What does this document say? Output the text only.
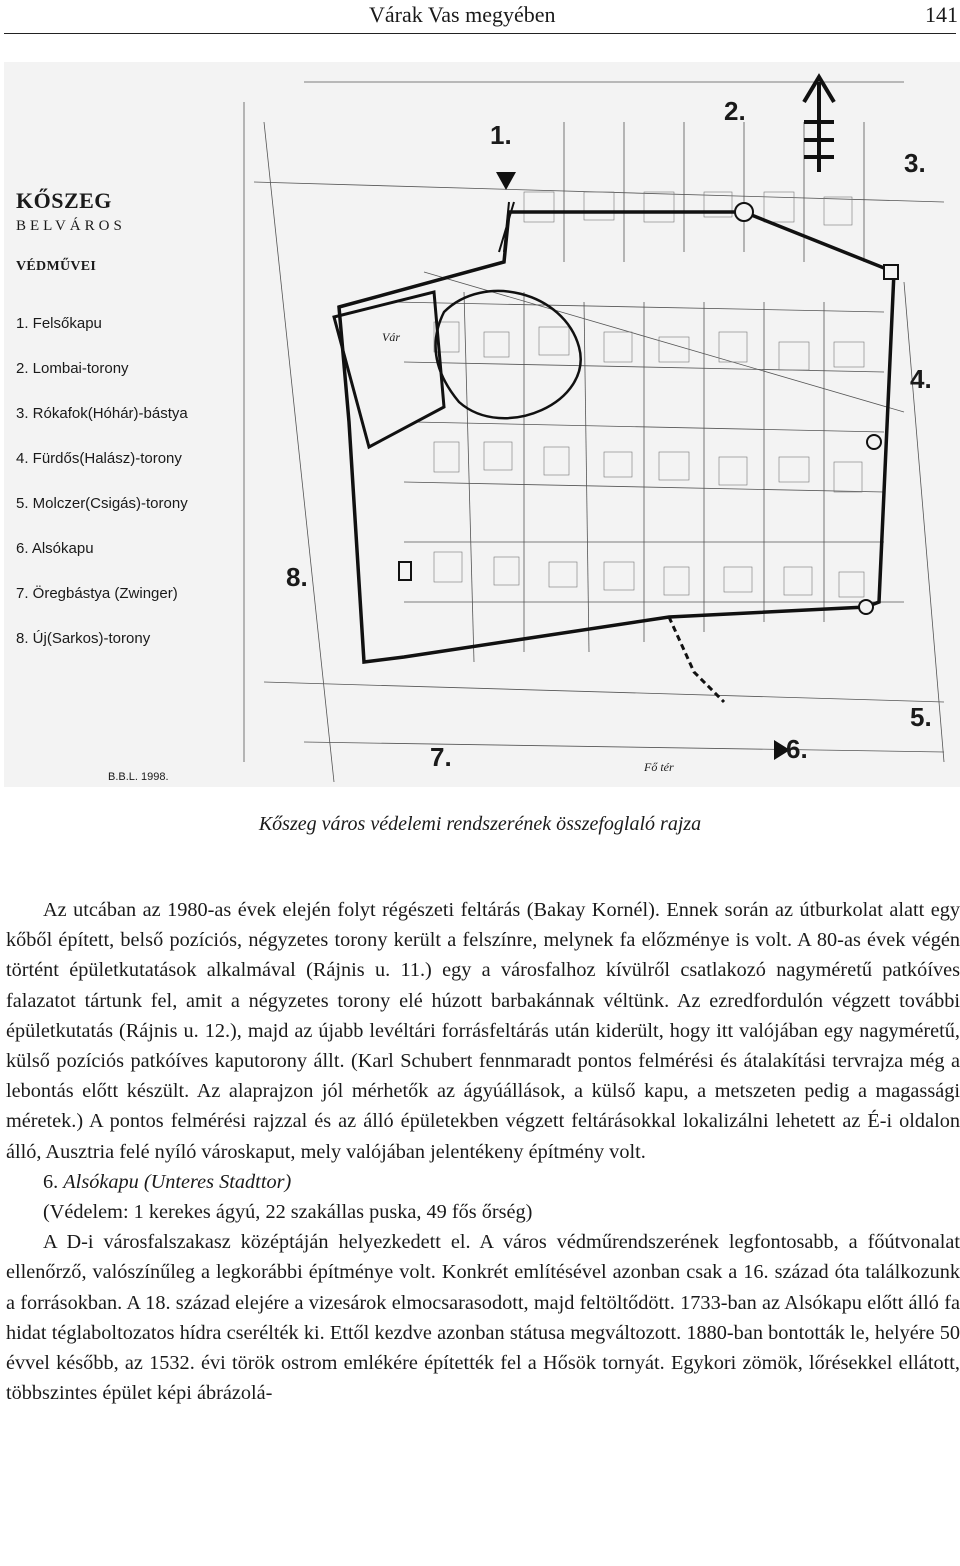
Várak Vas megyében	141
KŐSZEG
BELVÁROS
VÉDMŰVEI
1. Felsőkapu
2. Lombai-torony
3. Rókafok(Hóhár)-bástya
4. Fürdős(Halász)-torony
5. Molczer(Csigás)-torony
6. Alsókapu
7. Öregbástya (Zwinger)
8. Új(Sarkos)-torony
B.B.L. 1998.
1.
2.
3.
4.
5.
6.
7.
8.
Fő tér
Vár
Kőszeg város védelemi rendszerének összefoglaló rajza

Az utcában az 1980-as évek elején folyt régészeti feltárás (Bakay Kornél). Ennek során az útburkolat alatt egy kőből épített, belső pozíciós, négyzetes torony került a felszínre, melynek fa előzménye is volt. A 80-as évek végén történt épületkutatások alkalmával (Rájnis u. 11.) egy a városfalhoz kívülről csatlakozó nagyméretű patkóíves falazatot tártunk fel, amit a négyzetes torony elé húzott barbakánnak véltünk. Az ezredfordulón végzett további épületkutatás (Rájnis u. 12.), majd az újabb levéltári forrásfeltárás után kiderült, hogy itt valójában egy nagyméretű, külső pozíciós patkóíves kaputorony állt. (Karl Schubert fennmaradt pontos felmérési és átalakítási tervrajza még a lebontás előtt készült. Az alaprajzon jól mérhetők az ágyúállások, a külső kapu, a metszeten pedig a magassági méretek.) A pontos felmérési rajzzal és az álló épületekben végzett feltárásokkal lokalizálni lehetett az É-i oldalon álló, Ausztria felé nyíló városkaput, mely valójában jelentékeny építmény volt.

6. Alsókapu (Unteres Stadttor)

(Védelem: 1 kerekes ágyú, 22 szakállas puska, 49 fős őrség)

A D-i városfalszakasz középtáján helyezkedett el. A város védműrendszerének legfontosabb, a főútvonalat ellenőrző, valószínűleg a legkorábbi építménye volt. Konkrét említésével azonban csak a 16. század óta találkozunk a forrásokban. A 18. század elejére a vizesárok elmocsarasodott, majd feltöltődött. 1733-ban az Alsókapu előtt álló fa hidat téglaboltozatos hídra cserélték ki. Ettől kezdve azonban státusa megváltozott. 1880-ban bontották le, helyére 50 évvel később, az 1532. évi török ostrom emlékére építették fel a Hősök tornyát. Egykori zömök, lőrésekkel ellátott, többszintes épület képi ábrázolá-
